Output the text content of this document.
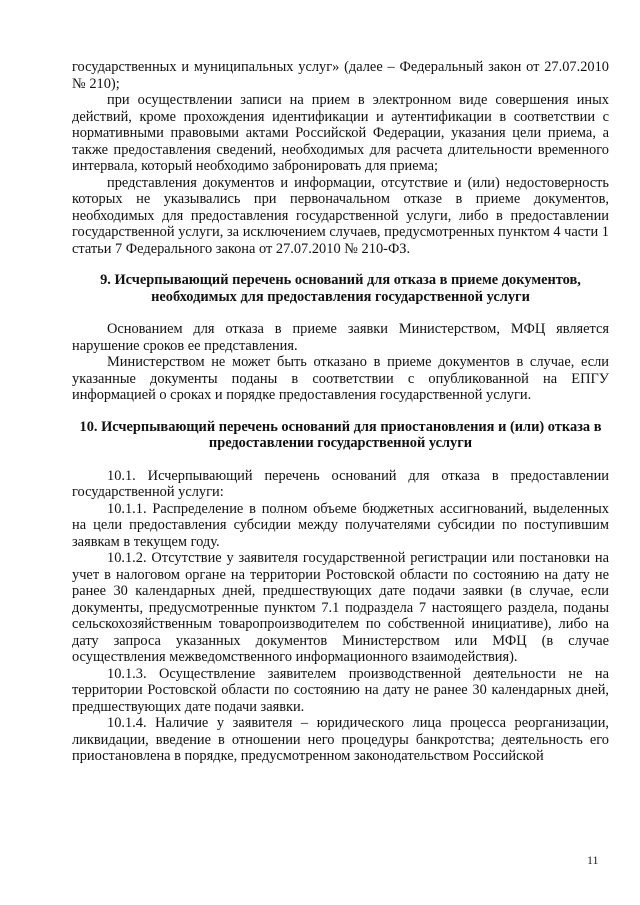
государственных и муниципальных услуг» (далее – Федеральный закон от 27.07.2010 № 210);

при осуществлении записи на прием в электронном виде совершения иных действий, кроме прохождения идентификации и аутентификации в соответствии с нормативными правовыми актами Российской Федерации, указания цели приема, а также предоставления сведений, необходимых для расчета длительности временного интервала, который необходимо забронировать для приема;

представления документов и информации, отсутствие и (или) недостоверность которых не указывались при первоначальном отказе в приеме документов, необходимых для предоставления государственной услуги, либо в предоставлении государственной услуги, за исключением случаев, предусмотренных пунктом 4 части 1 статьи 7 Федерального закона от 27.07.2010 № 210-ФЗ.

9. Исчерпывающий перечень оснований для отказа в приеме документов, необходимых для предоставления государственной услуги

Основанием для отказа в приеме заявки Министерством, МФЦ является нарушение сроков ее представления.

Министерством не может быть отказано в приеме документов в случае, если указанные документы поданы в соответствии с опубликованной на ЕПГУ информацией о сроках и порядке предоставления государственной услуги.

10. Исчерпывающий перечень оснований для приостановления и (или) отказа в предоставлении государственной услуги

10.1. Исчерпывающий перечень оснований для отказа в предоставлении государственной услуги:

10.1.1. Распределение в полном объеме бюджетных ассигнований, выделенных на цели предоставления субсидии между получателями субсидии по поступившим заявкам в текущем году.

10.1.2. Отсутствие у заявителя государственной регистрации или постановки на учет в налоговом органе на территории Ростовской области по состоянию на дату не ранее 30 календарных дней, предшествующих дате подачи заявки (в случае, если документы, предусмотренные пунктом 7.1 подраздела 7 настоящего раздела, поданы сельскохозяйственным товаропроизводителем по собственной инициативе), либо на дату запроса указанных документов Министерством или МФЦ (в случае осуществления межведомственного информационного взаимодействия).

10.1.3. Осуществление заявителем производственной деятельности не на территории Ростовской области по состоянию на дату не ранее 30 календарных дней, предшествующих дате подачи заявки.

10.1.4. Наличие у заявителя – юридического лица процесса реорганизации, ликвидации, введение в отношении него процедуры банкротства; деятельность его приостановлена в порядке, предусмотренном законодательством Российской

11
